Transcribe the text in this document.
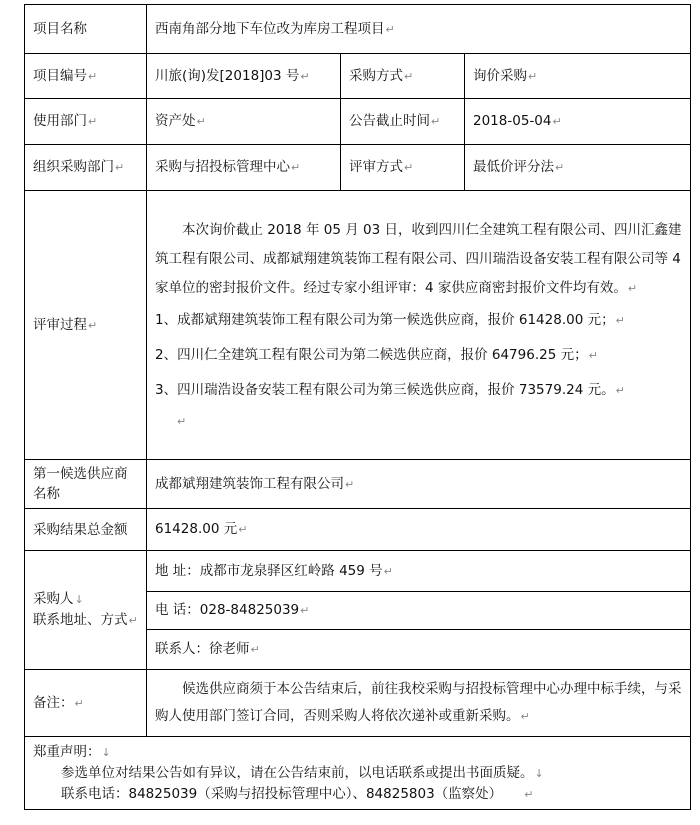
项目名称	西南角部分地下车位改为库房工程项目↵		
项目编号↵	川旅(询)发[2018]03 号↵	采购方式↵	询价采购↵
使用部门↵	资产处↵	公告截止时间↵	2018-05-04↵
组织采购部门↵	采购与招投标管理中心↵	评审方式↵	最低价评分法↵
评审过程↵	本次询价截止 2018 年 05 月 03 日，收到四川仁全建筑工程有限公司、四川汇鑫建筑工程有限公司、成都斌翔建筑装饰工程有限公司、四川瑞浩设备安装工程有限公司等 4 家单位的密封报价文件。经过专家小组评审：4 家供应商密封报价文件均有效。↵

1、成都斌翔建筑装饰工程有限公司为第一候选供应商，报价 61428.00 元；↵

2、四川仁全建筑工程有限公司为第二候选供应商，报价 64796.25 元；↵

3、四川瑞浩设备安装工程有限公司为第三候选供应商，报价 73579.24 元。↵

↵		

第一候选供应商名称	成都斌翔建筑装饰工程有限公司↵		
采购结果总金额	61428.00 元↵		
采购人↓
联系地址、方式↵	地 址：成都市龙泉驿区红岭路 459 号↵		
	电 话：028-84825039↵		
	联系人：徐老师↵		
备注：↵	候选供应商须于本公告结束后，前往我校采购与招投标管理中心办理中标手续，与采购人使用部门签订合同，否则采购人将依次递补或重新采购。↵		

郑重声明：↓
参选单位对结果公告如有异议，请在公告结束前，以电话联系或提出书面质疑。↓
联系电话：84825039（采购与招投标管理中心）、84825803（监察处） ↵			
